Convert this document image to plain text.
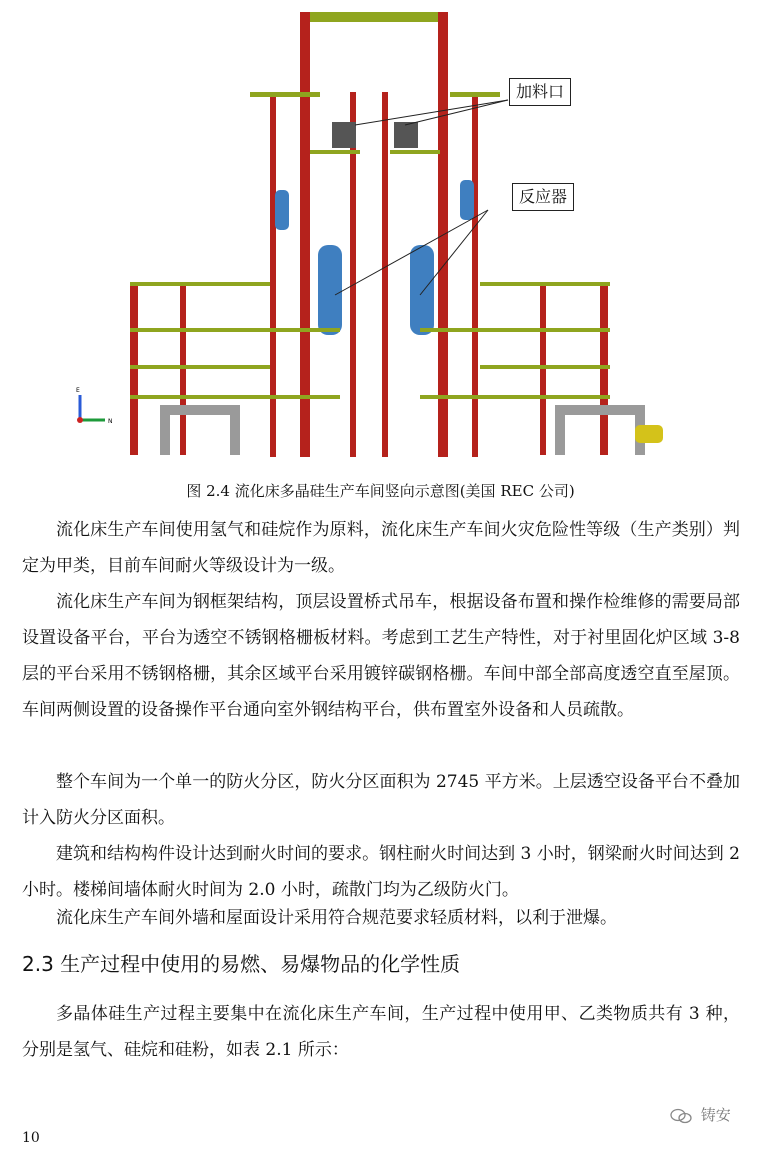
E
N
加料口
反应器
图 2.4 流化床多晶硅生产车间竖向示意图(美国 REC 公司)

流化床生产车间使用氢气和硅烷作为原料，流化床生产车间火灾危险性等级（生产类别）判定为甲类，目前车间耐火等级设计为一级。

流化床生产车间为钢框架结构，顶层设置桥式吊车，根据设备布置和操作检维修的需要局部设置设备平台，平台为透空不锈钢格栅板材料。考虑到工艺生产特性，对于衬里固化炉区域 3-8 层的平台采用不锈钢格栅，其余区域平台采用镀锌碳钢格栅。车间中部全部高度透空直至屋顶。车间两侧设置的设备操作平台通向室外钢结构平台，供布置室外设备和人员疏散。

整个车间为一个单一的防火分区，防火分区面积为 2745 平方米。上层透空设备平台不叠加计入防火分区面积。

建筑和结构构件设计达到耐火时间的要求。钢柱耐火时间达到 3 小时，钢梁耐火时间达到 2 小时。楼梯间墙体耐火时间为 2.0 小时，疏散门均为乙级防火门。

流化床生产车间外墙和屋面设计采用符合规范要求轻质材料，以利于泄爆。

2.3 生产过程中使用的易燃、易爆物品的化学性质

多晶体硅生产过程主要集中在流化床生产车间，生产过程中使用甲、乙类物质共有 3 种，分别是氢气、硅烷和硅粉，如表 2.1 所示：

10
铸安
